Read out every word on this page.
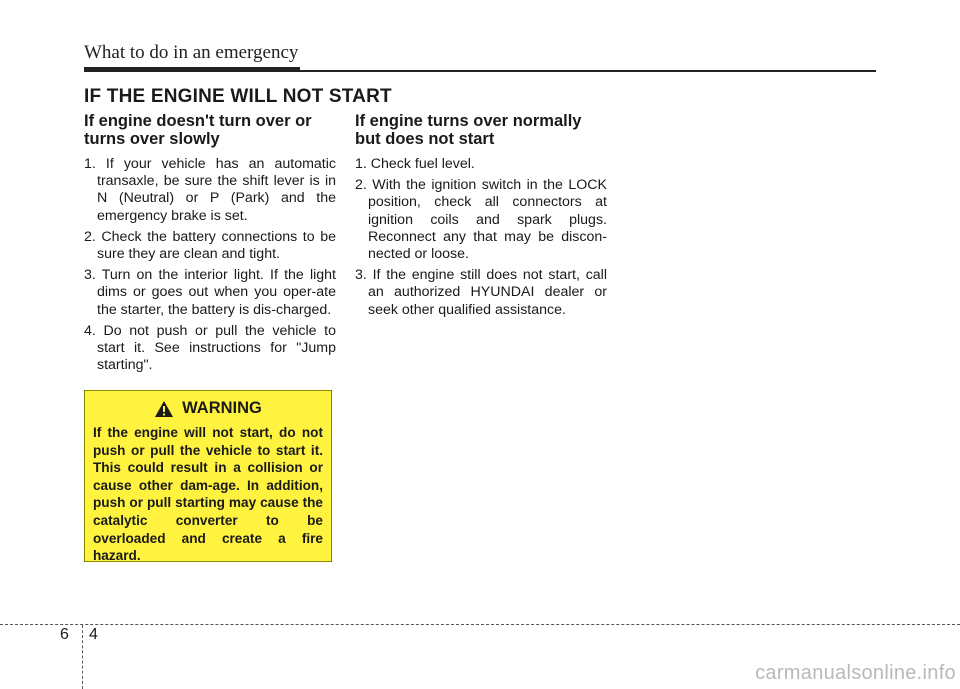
What to do in an emergency
IF THE ENGINE WILL NOT START
If engine doesn't turn over or turns over slowly
1. If your vehicle has an automatic transaxle, be sure the shift lever is in N (Neutral) or P (Park) and the emergency brake is set.
2. Check the battery connections to be sure they are clean and tight.
3. Turn on the interior light. If the light dims or goes out when you oper-ate the starter, the battery is dis-charged.
4. Do not push or pull the vehicle to start it. See instructions for "Jump starting".
If engine turns over normally but does not start
1. Check fuel level.
2. With the ignition switch in the LOCK position, check all connectors at ignition coils and spark plugs. Reconnect any that may be discon-nected or loose.
3. If the engine still does not start, call an authorized HYUNDAI dealer or seek other qualified assistance.
WARNING
If the engine will not start, do not push or pull the vehicle to start it. This could result in a collision or cause other dam-age. In addition, push or pull starting may cause the catalytic converter to be overloaded and create a fire hazard.
6 4
carmanualsonline.info
